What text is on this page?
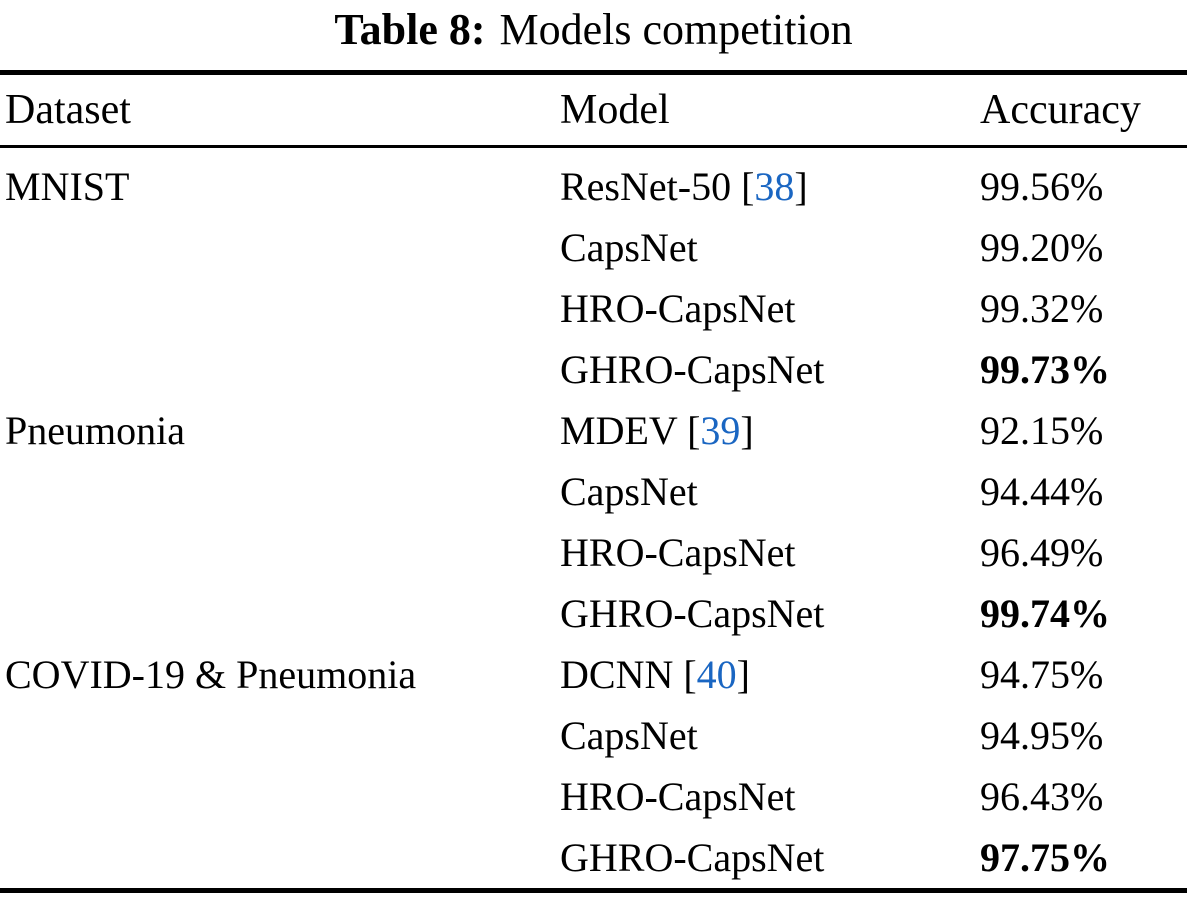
Table 8: Models competition
Dataset	Model	Accuracy
MNIST	ResNet-50 [38]	99.56%
	CapsNet	99.20%
	HRO-CapsNet	99.32%
	GHRO-CapsNet	99.73%
Pneumonia	MDEV [39]	92.15%
	CapsNet	94.44%
	HRO-CapsNet	96.49%
	GHRO-CapsNet	99.74%
COVID-19 & Pneumonia	DCNN [40]	94.75%
	CapsNet	94.95%
	HRO-CapsNet	96.43%
	GHRO-CapsNet	97.75%
